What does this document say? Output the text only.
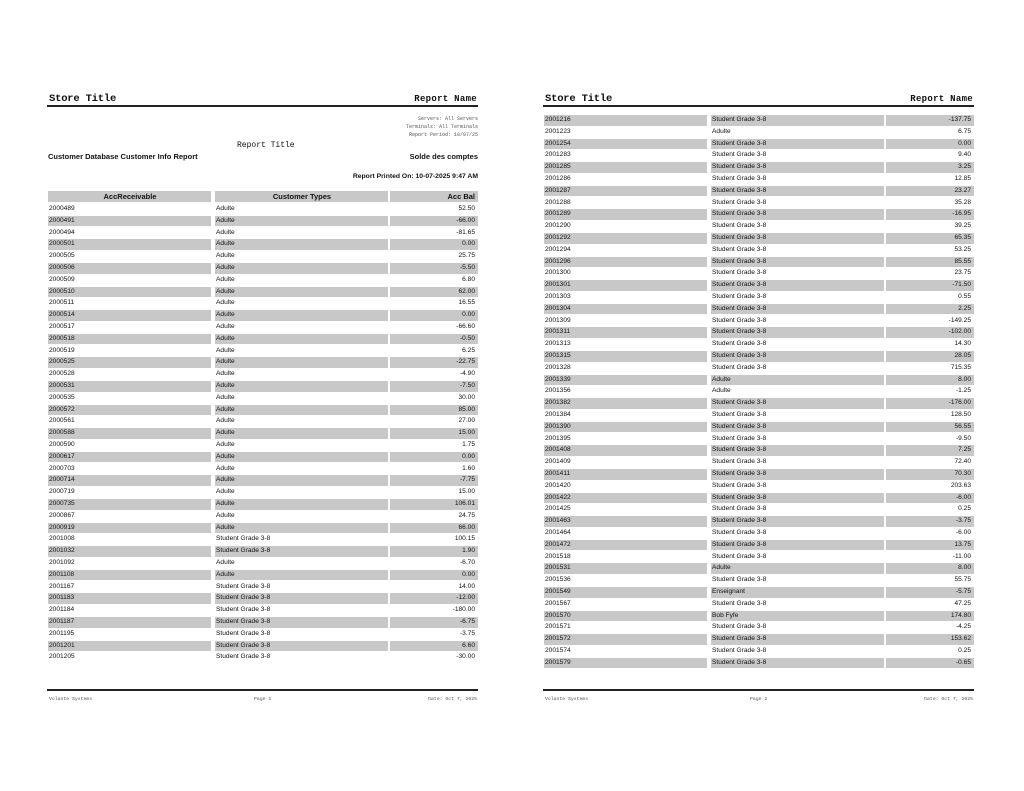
Store Title	Report Name
Servers: All Servers
Terminals: All Terminals
Report Period: 10/07/25
Report Title
Customer Database Customer Info Report	Solde des comptes
Report Printed On: 10-07-2025 9:47 AM
AccReceivable	Customer Types	Acc Bal
2000489	Adulte	52.50
2000491	Adulte	-66.00
2000494	Adulte	-81.65
2000501	Adulte	0.00
2000505	Adulte	25.75
2000506	Adulte	-5.50
2000509	Adulte	6.80
2000510	Adulte	62.00
2000511	Adulte	16.55
2000514	Adulte	0.00
2000517	Adulte	-66.60
2000518	Adulte	-0.50
2000519	Adulte	6.25
2000525	Adulte	-22.75
2000528	Adulte	-4.90
2000531	Adulte	-7.50
2000535	Adulte	30.00
2000572	Adulte	85.00
2000561	Adulte	27.00
2000588	Adulte	15.00
2000590	Adulte	1.75
2000617	Adulte	0.00
2000703	Adulte	1.60
2000714	Adulte	-7.75
2000719	Adulte	15.00
2000735	Adulte	106.01
2000867	Adulte	24.75
2000919	Adulte	66.00
2001008	Student Grade 3-8	100.15
2001032	Student Grade 3-8	1.90
2001092	Adulte	-6.70
2001108	Adulte	0.00
2001167	Student Grade 3-8	14.00
2001183	Student Grade 3-8	-12.00
2001184	Student Grade 3-8	-180.00
2001187	Student Grade 3-8	-6.75
2001195	Student Grade 3-8	-3.75
2001201	Student Grade 3-8	6.60
2001205	Student Grade 3-8	-30.00
Volante Systems	Page 1	Date: Oct 7, 2025
Store Title	Report Name
2001216	Student Grade 3-8	-137.75
2001223	Adulte	6.75
2001254	Student Grade 3-8	0.00
2001283	Student Grade 3-8	9.40
2001285	Student Grade 3-8	3.25
2001286	Student Grade 3-8	12.85
2001287	Student Grade 3-8	23.27
2001288	Student Grade 3-8	35.28
2001289	Student Grade 3-8	-16.95
2001290	Student Grade 3-8	39.25
2001292	Student Grade 3-8	65.35
2001294	Student Grade 3-8	53.25
2001296	Student Grade 3-8	85.55
2001300	Student Grade 3-8	23.75
2001301	Student Grade 3-8	-71.50
2001303	Student Grade 3-8	0.55
2001304	Student Grade 3-8	2.25
2001309	Student Grade 3-8	-149.25
2001311	Student Grade 3-8	-102.00
2001313	Student Grade 3-8	14.30
2001315	Student Grade 3-8	28.05
2001328	Student Grade 3-8	715.35
2001339	Adulte	8.00
2001356	Adulte	-1.25
2001382	Student Grade 3-8	-176.00
2001384	Student Grade 3-8	128.50
2001390	Student Grade 3-8	56.55
2001395	Student Grade 3-8	-9.50
2001408	Student Grade 3-8	7.25
2001409	Student Grade 3-8	72.40
2001411	Student Grade 3-8	70.30
2001420	Student Grade 3-8	203.63
2001422	Student Grade 3-8	-6.00
2001425	Student Grade 3-8	0.25
2001463	Student Grade 3-8	-3.75
2001464	Student Grade 3-8	-6.00
2001472	Student Grade 3-8	13.75
2001518	Student Grade 3-8	-11.00
2001531	Adulte	8.00
2001536	Student Grade 3-8	55.75
2001549	Enseignant	-5.75
2001567	Student Grade 3-8	47.25
2001570	Bob Fyfe	174.80
2001571	Student Grade 3-8	-4.25
2001572	Student Grade 3-8	153.62
2001574	Student Grade 3-8	0.25
2001579	Student Grade 3-8	-0.65
Volante Systems	Page 2	Date: Oct 7, 2025
